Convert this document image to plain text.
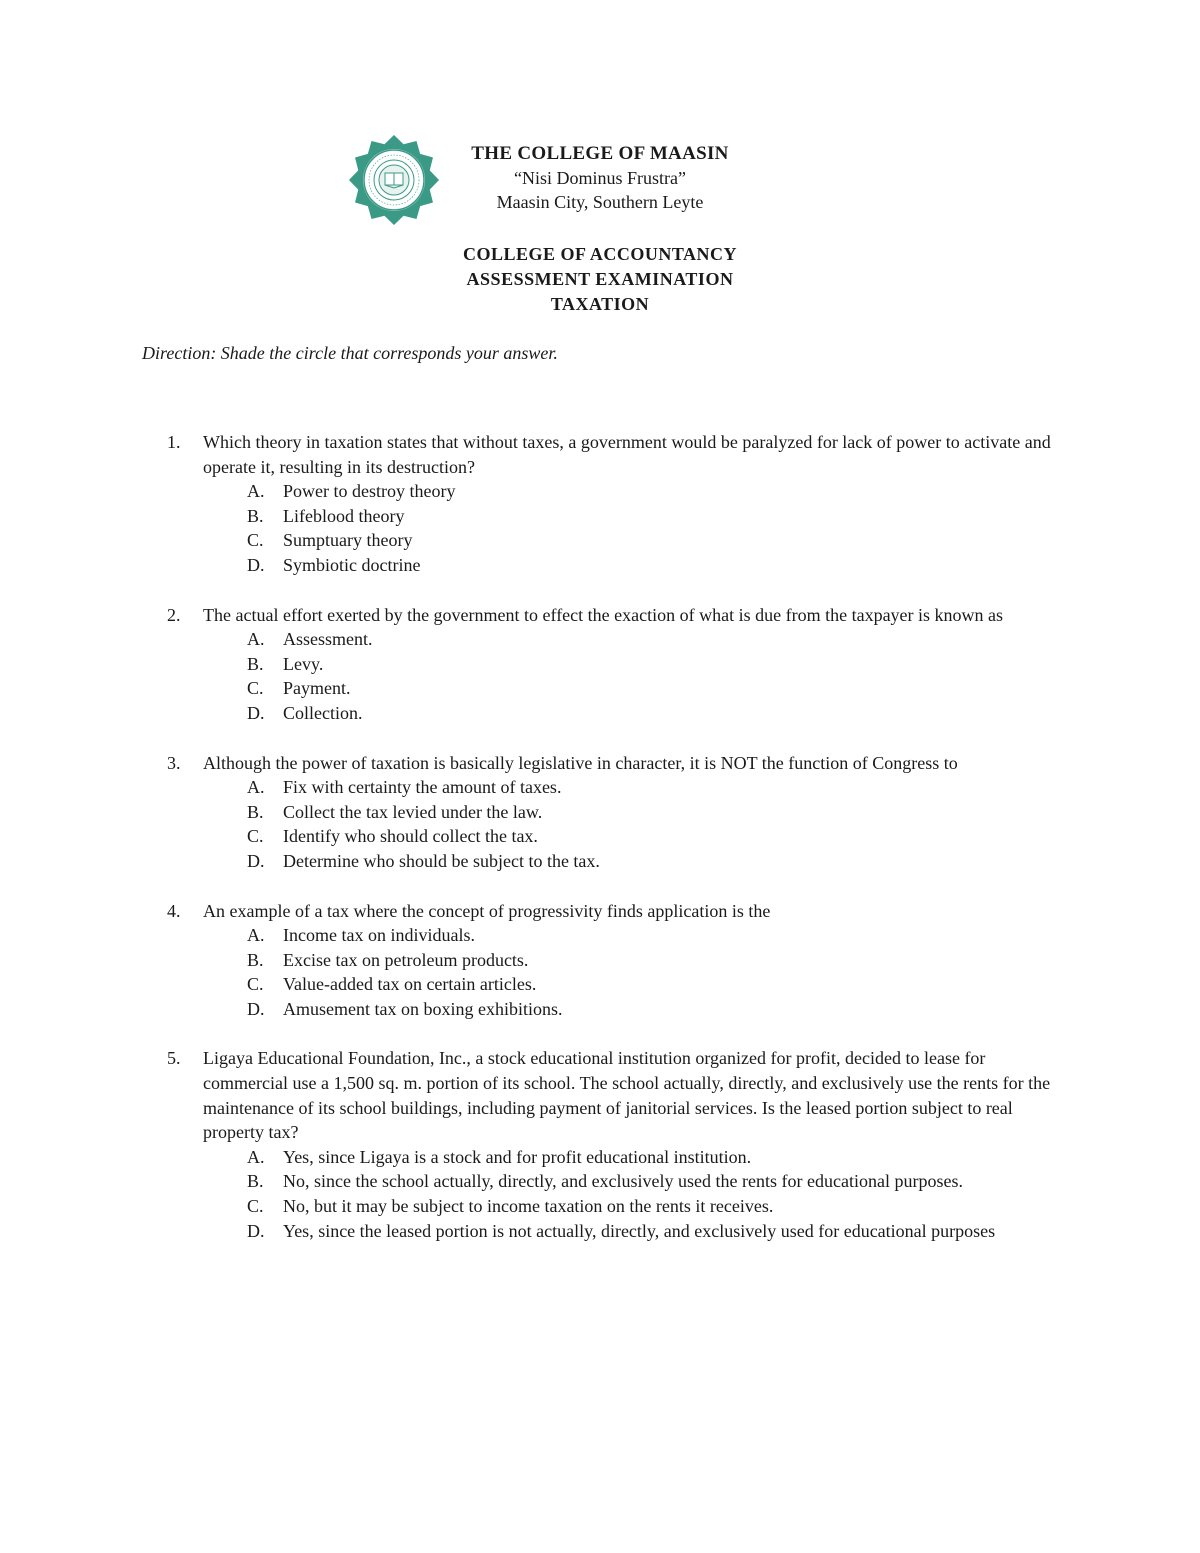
THE COLLEGE OF MAASIN
“Nisi Dominus Frustra”
Maasin City, Southern Leyte
COLLEGE OF ACCOUNTANCY
ASSESSMENT EXAMINATION
TAXATION
Direction: Shade the circle that corresponds your answer.
1. Which theory in taxation states that without taxes, a government would be paralyzed for lack of power to activate and operate it, resulting in its destruction?
A. Power to destroy theory
B. Lifeblood theory
C. Sumptuary theory
D. Symbiotic doctrine
2. The actual effort exerted by the government to effect the exaction of what is due from the taxpayer is known as
A. Assessment.
B. Levy.
C. Payment.
D. Collection.
3. Although the power of taxation is basically legislative in character, it is NOT the function of Congress to
A. Fix with certainty the amount of taxes.
B. Collect the tax levied under the law.
C. Identify who should collect the tax.
D. Determine who should be subject to the tax.
4. An example of a tax where the concept of progressivity finds application is the
A. Income tax on individuals.
B. Excise tax on petroleum products.
C. Value-added tax on certain articles.
D. Amusement tax on boxing exhibitions.
5. Ligaya Educational Foundation, Inc., a stock educational institution organized for profit, decided to lease for commercial use a 1,500 sq. m. portion of its school. The school actually, directly, and exclusively use the rents for the maintenance of its school buildings, including payment of janitorial services. Is the leased portion subject to real property tax?
A. Yes, since Ligaya is a stock and for profit educational institution.
B. No, since the school actually, directly, and exclusively used the rents for educational purposes.
C. No, but it may be subject to income taxation on the rents it receives.
D. Yes, since the leased portion is not actually, directly, and exclusively used for educational purposes
